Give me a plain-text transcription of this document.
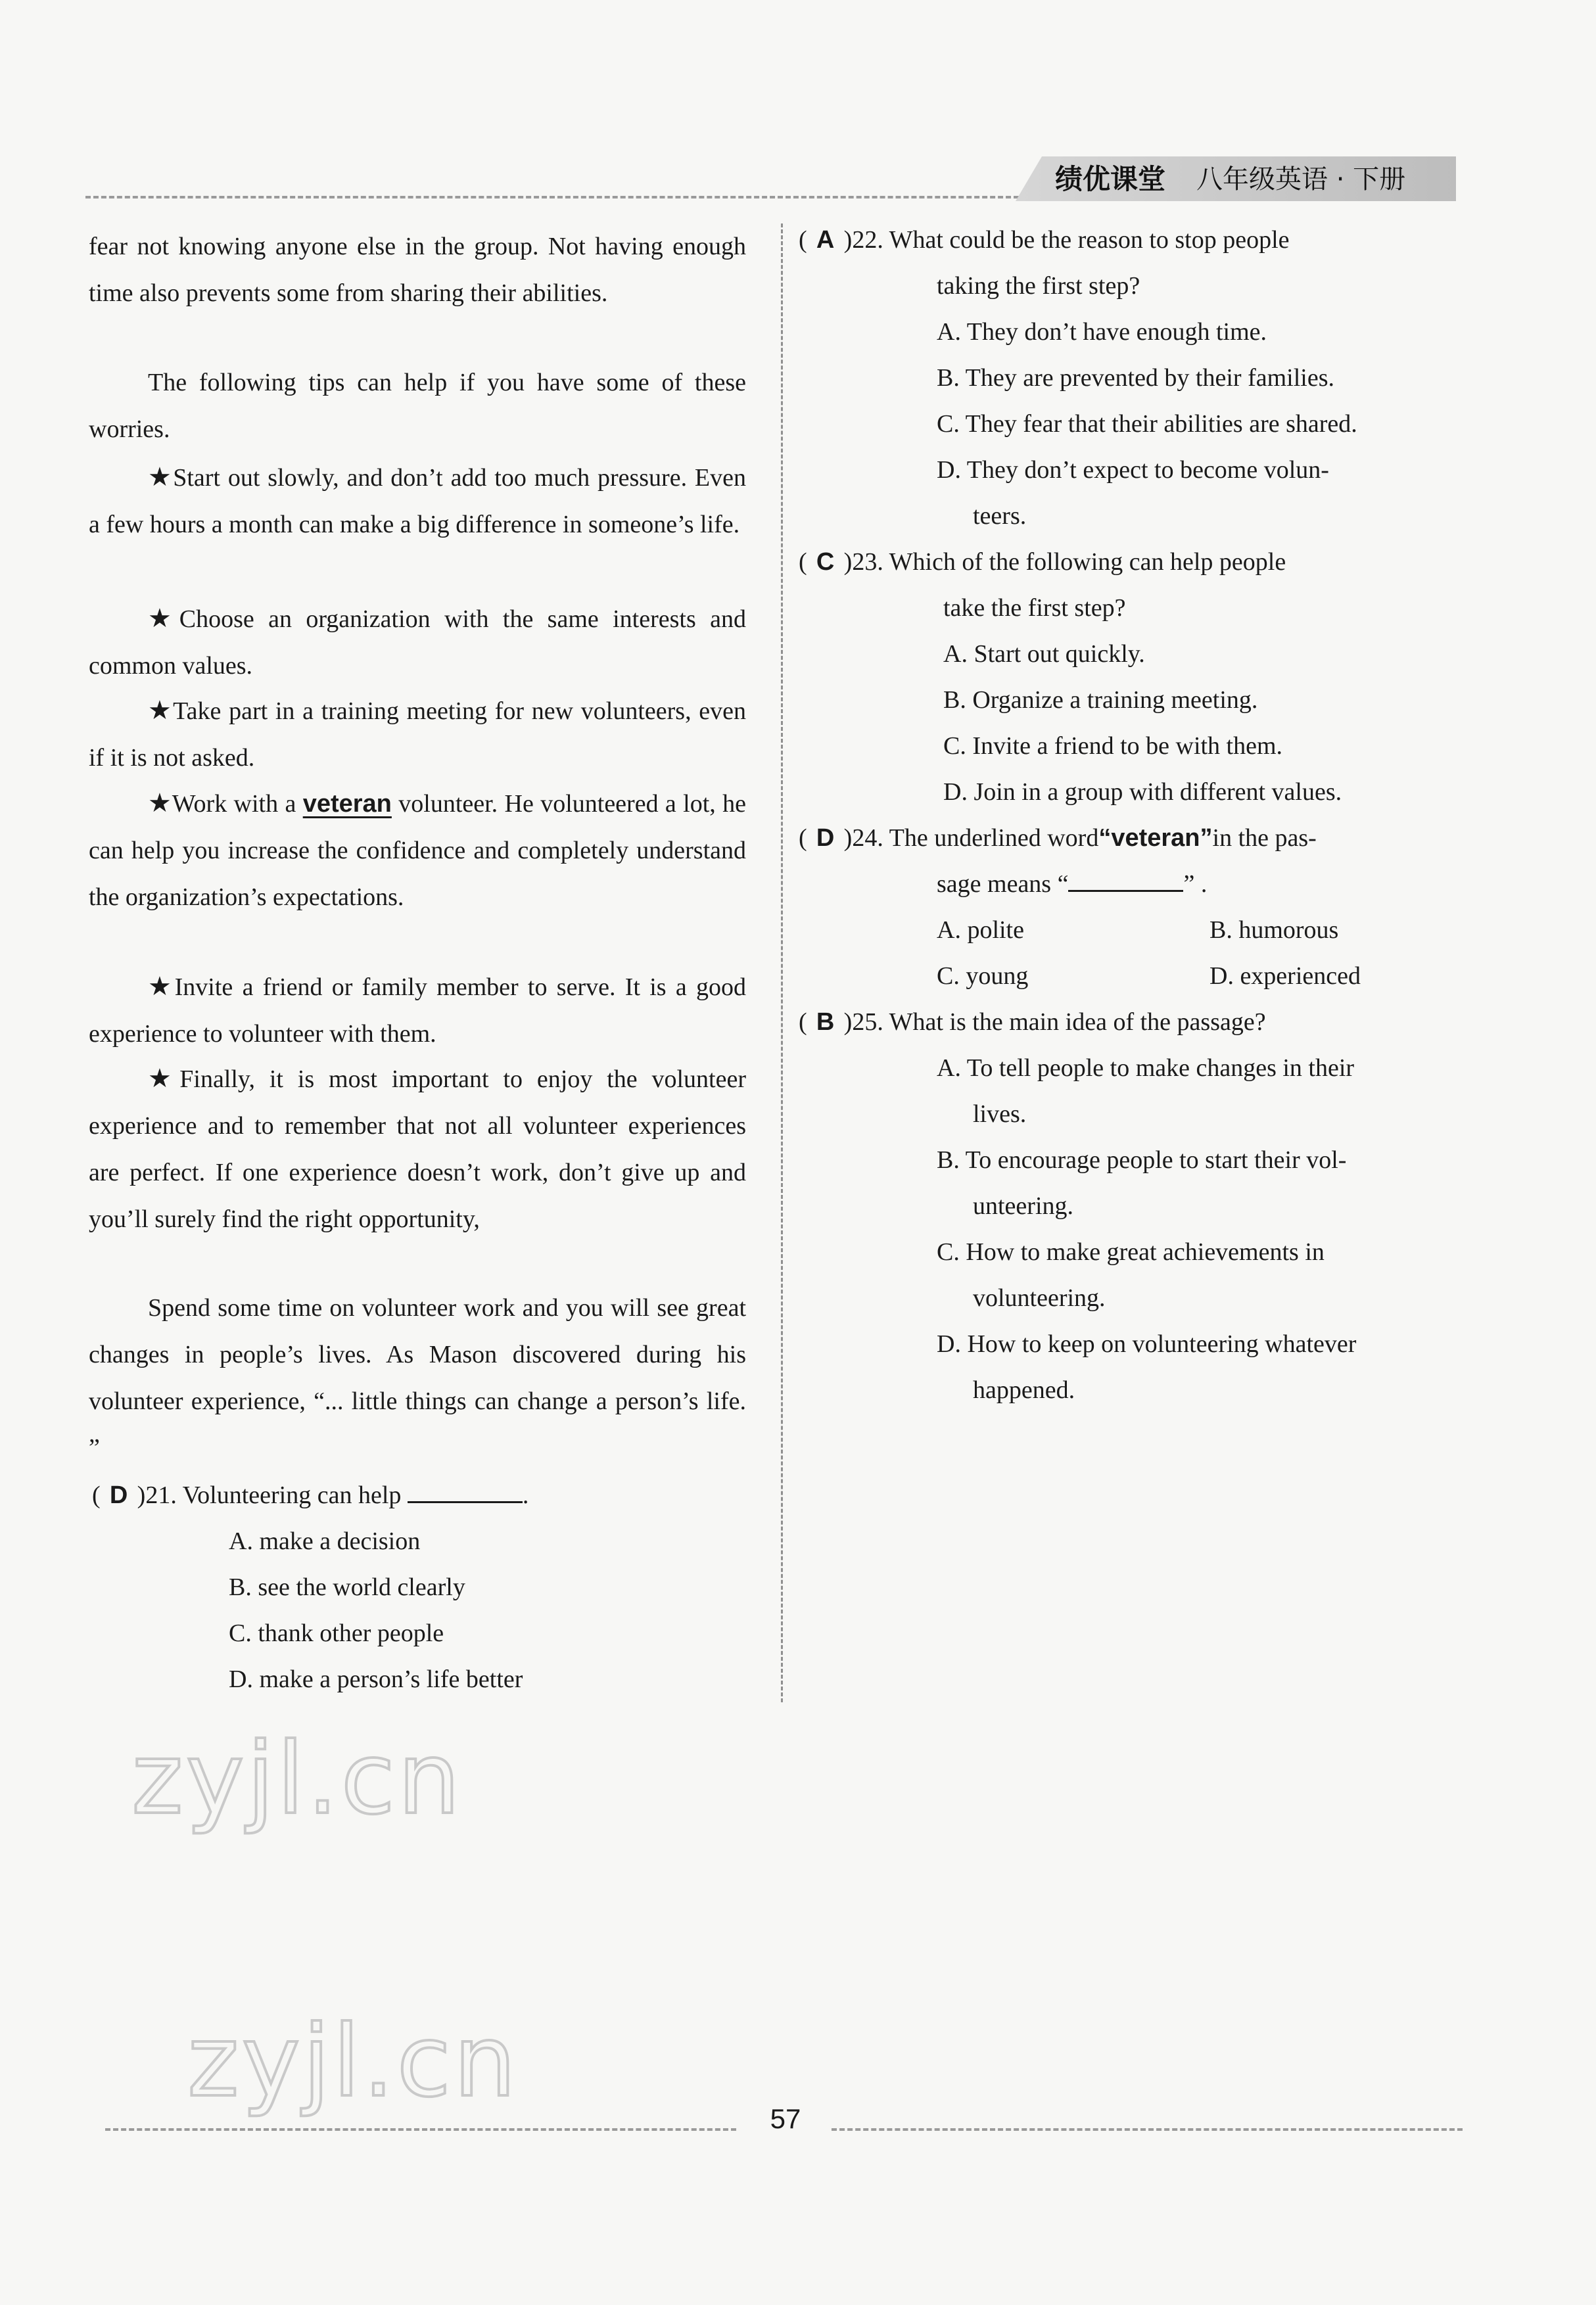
绩优课堂 八年级英语 · 下册

fear not knowing anyone else in the group. Not having enough time also prevents some from sharing their abilities.

The following tips can help if you have some of these worries.

★Start out slowly, and don’t add too much pressure. Even a few hours a month can make a big difference in someone’s life.

★Choose an organization with the same interests and common values.

★Take part in a training meeting for new volunteers, even if it is not asked.

★Work with a veteran volunteer. He volunteered a lot, he can help you increase the confidence and completely understand the organization’s expectations.

★Invite a friend or family member to serve. It is a good experience to volunteer with them.

★Finally, it is most important to enjoy the volunteer experience and to remember that not all volunteer experiences are perfect. If one experience doesn’t work, don’t give up and you’ll surely find the right opportunity,

Spend some time on volunteer work and you will see great changes in people’s lives. As Mason discovered during his volunteer experience, “... little things can change a person’s life. ”

( D )21. Volunteering can help	.
A. make a decision
B. see the world clearly
C. thank other people
D. make a person’s life better
( A )22. What could be the reason to stop people
taking the first step?
A. They don’t have enough time.
B. They are prevented by their families.
C. They fear that their abilities are shared.
D. They don’t expect to become volun-
teers.
( C )23. Which of the following can help people
take the first step?
A. Start out quickly.
B. Organize a training meeting.
C. Invite a friend to be with them.
D. Join in a group with different values.
( D )24. The underlined word“veteran”in the pas-
sage means “	” .
A. polite	B. humorous
C. young	D. experienced
( B )25. What is the main idea of the passage?
A. To tell people to make changes in their
lives.
B. To encourage people to start their vol-
unteering.
C. How to make great achievements in
volunteering.
D. How to keep on volunteering whatever
happened.
zyjl.cn
zyjl.cn	57
